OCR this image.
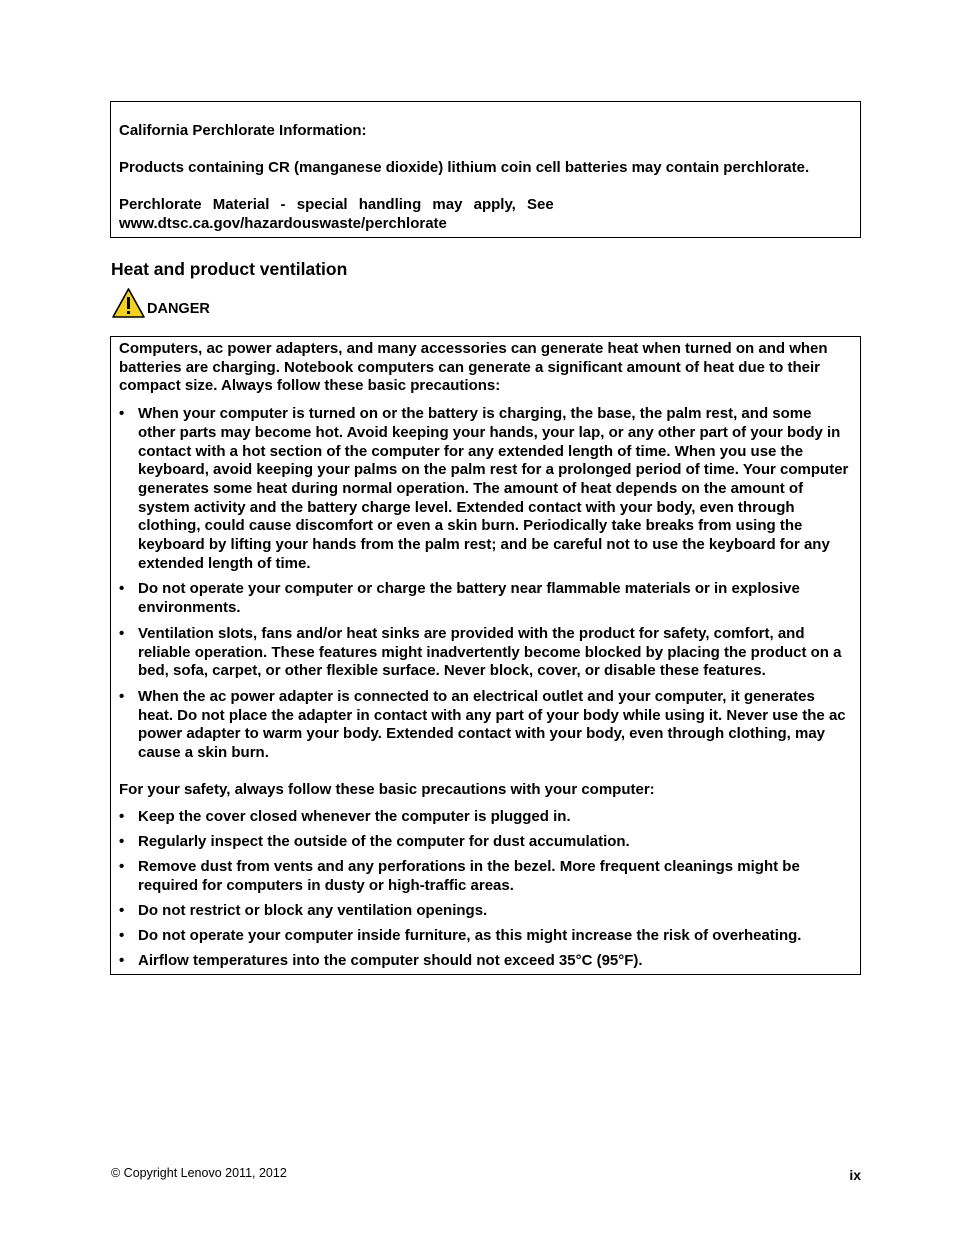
California Perchlorate Information:

Products containing CR (manganese dioxide) lithium coin cell batteries may contain perchlorate.

Perchlorate Material - special handling may apply, See
www.dtsc.ca.gov/hazardouswaste/perchlorate

Heat and product ventilation
DANGER

Computers, ac power adapters, and many accessories can generate heat when turned on and when batteries are charging. Notebook computers can generate a significant amount of heat due to their compact size. Always follow these basic precautions:

• When your computer is turned on or the battery is charging, the base, the palm rest, and some other parts may become hot. Avoid keeping your hands, your lap, or any other part of your body in contact with a hot section of the computer for any extended length of time. When you use the keyboard, avoid keeping your palms on the palm rest for a prolonged period of time. Your computer generates some heat during normal operation. The amount of heat depends on the amount of system activity and the battery charge level. Extended contact with your body, even through clothing, could cause discomfort or even a skin burn. Periodically take breaks from using the keyboard by lifting your hands from the palm rest; and be careful not to use the keyboard for any extended length of time.
• Do not operate your computer or charge the battery near flammable materials or in explosive environments.
• Ventilation slots, fans and/or heat sinks are provided with the product for safety, comfort, and reliable operation. These features might inadvertently become blocked by placing the product on a bed, sofa, carpet, or other flexible surface. Never block, cover, or disable these features.
• When the ac power adapter is connected to an electrical outlet and your computer, it generates heat. Do not place the adapter in contact with any part of your body while using it. Never use the ac power adapter to warm your body. Extended contact with your body, even through clothing, may cause a skin burn.

For your safety, always follow these basic precautions with your computer:

• Keep the cover closed whenever the computer is plugged in.
• Regularly inspect the outside of the computer for dust accumulation.
• Remove dust from vents and any perforations in the bezel. More frequent cleanings might be required for computers in dusty or high-traffic areas.
• Do not restrict or block any ventilation openings.
• Do not operate your computer inside furniture, as this might increase the risk of overheating.
• Airflow temperatures into the computer should not exceed 35°C (95°F).
© Copyright Lenovo 2011, 2012	ix
